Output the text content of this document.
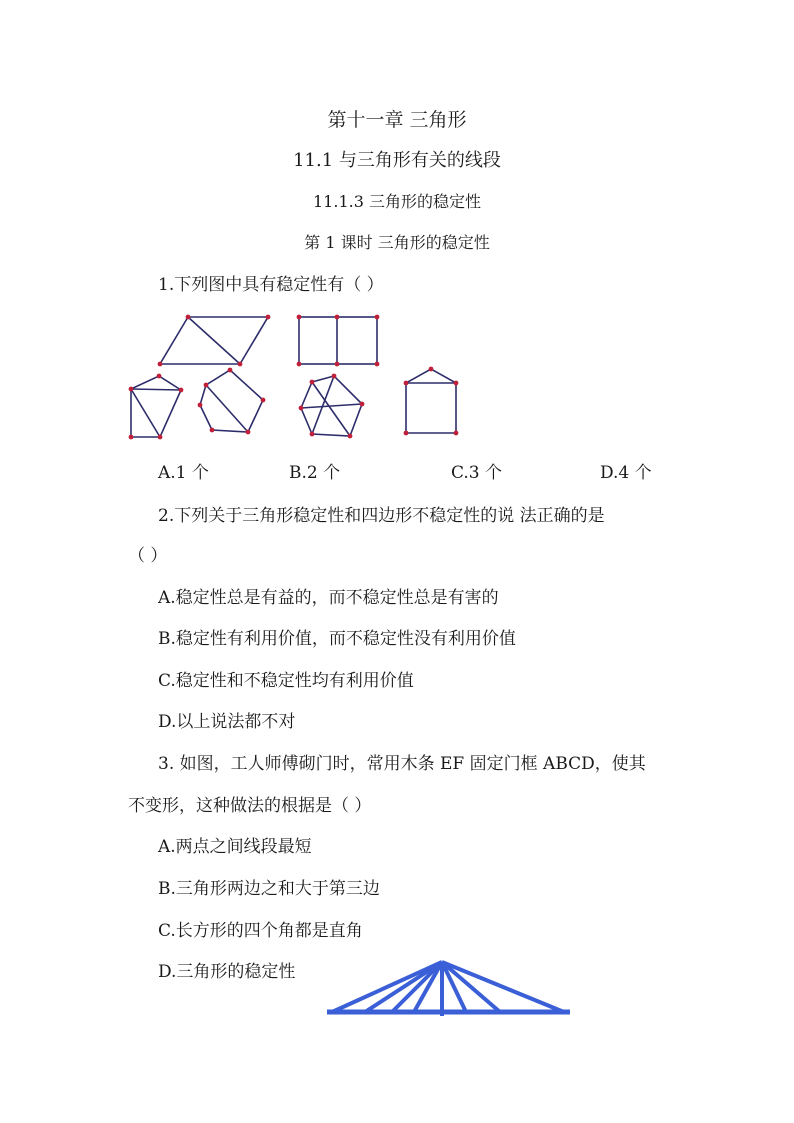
第十一章 三角形
11.1 与三角形有关的线段
11.1.3 三角形的稳定性
第 1 课时 三角形的稳定性
1.下列图中具有稳定性有（ ）
A.1 个	B.2 个	C.3 个	D.4 个
2.下列关于三角形稳定性和四边形不稳定性的说 法正确的是
（ ）
A.稳定性总是有益的，而不稳定性总是有害的
B.稳定性有利用价值，而不稳定性没有利用价值
C.稳定性和不稳定性均有利用价值
D.以上说法都不对
3. 如图，工人师傅砌门时，常用木条 EF 固定门框 ABCD，使其
不变形，这种做法的根据是（ ）
A.两点之间线段最短
B.三角形两边之和大于第三边
C.长方形的四个角都是直角
D.三角形的稳定性
